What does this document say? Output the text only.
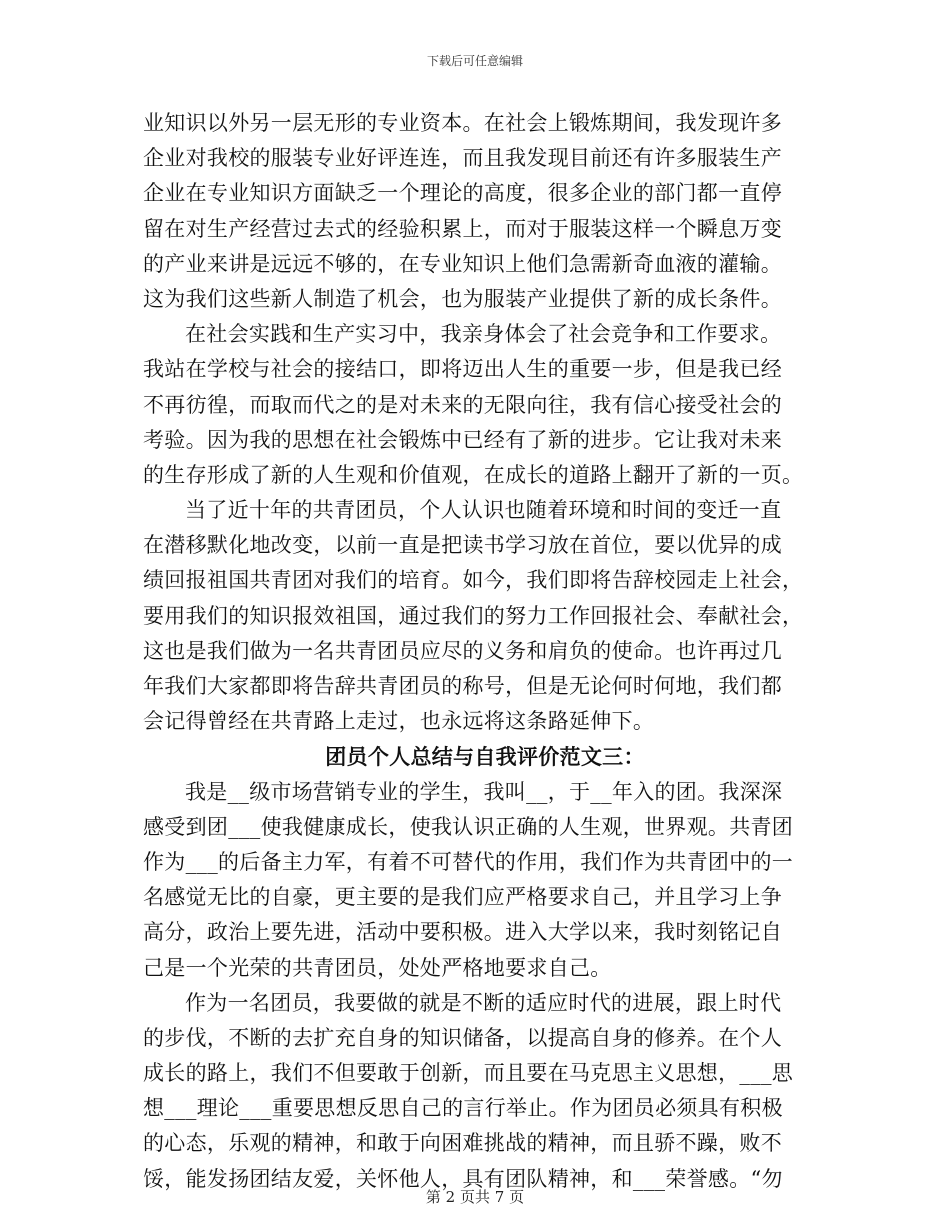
下载后可任意编辑
业知识以外另一层无形的专业资本。在社会上锻炼期间，我发现许多
企业对我校的服装专业好评连连，而且我发现目前还有许多服装生产
企业在专业知识方面缺乏一个理论的高度，很多企业的部门都一直停
留在对生产经营过去式的经验积累上，而对于服装这样一个瞬息万变
的产业来讲是远远不够的，在专业知识上他们急需新奇血液的灌输。
这为我们这些新人制造了机会，也为服装产业提供了新的成长条件。
在社会实践和生产实习中，我亲身体会了社会竞争和工作要求。
我站在学校与社会的接结口，即将迈出人生的重要一步，但是我已经
不再彷徨，而取而代之的是对未来的无限向往，我有信心接受社会的
考验。因为我的思想在社会锻炼中已经有了新的进步。它让我对未来
的生存形成了新的人生观和价值观，在成长的道路上翻开了新的一页。
当了近十年的共青团员，个人认识也随着环境和时间的变迁一直
在潜移默化地改变，以前一直是把读书学习放在首位，要以优异的成
绩回报祖国共青团对我们的培育。如今，我们即将告辞校园走上社会，
要用我们的知识报效祖国，通过我们的努力工作回报社会、奉献社会，
这也是我们做为一名共青团员应尽的义务和肩负的使命。也许再过几
年我们大家都即将告辞共青团员的称号，但是无论何时何地，我们都
会记得曾经在共青路上走过，也永远将这条路延伸下。
团员个人总结与自我评价范文三：
我是__级市场营销专业的学生，我叫__，于__年入的团。我深深
感受到团___使我健康成长，使我认识正确的人生观，世界观。共青团
作为___的后备主力军，有着不可替代的作用，我们作为共青团中的一
名感觉无比的自豪，更主要的是我们应严格要求自己，并且学习上争
高分，政治上要先进，活动中要积极。进入大学以来，我时刻铭记自
己是一个光荣的共青团员，处处严格地要求自己。
作为一名团员，我要做的就是不断的适应时代的进展，跟上时代
的步伐，不断的去扩充自身的知识储备，以提高自身的修养。在个人
成长的路上，我们不但要敢于创新，而且要在马克思主义思想，___思
想___理论___重要思想反思自己的言行举止。作为团员必须具有积极
的心态，乐观的精神，和敢于向困难挑战的精神，而且骄不躁，败不
馁，能发扬团结友爱，关怀他人，具有团队精神，和___荣誉感。“勿
第 2 页共 7 页
